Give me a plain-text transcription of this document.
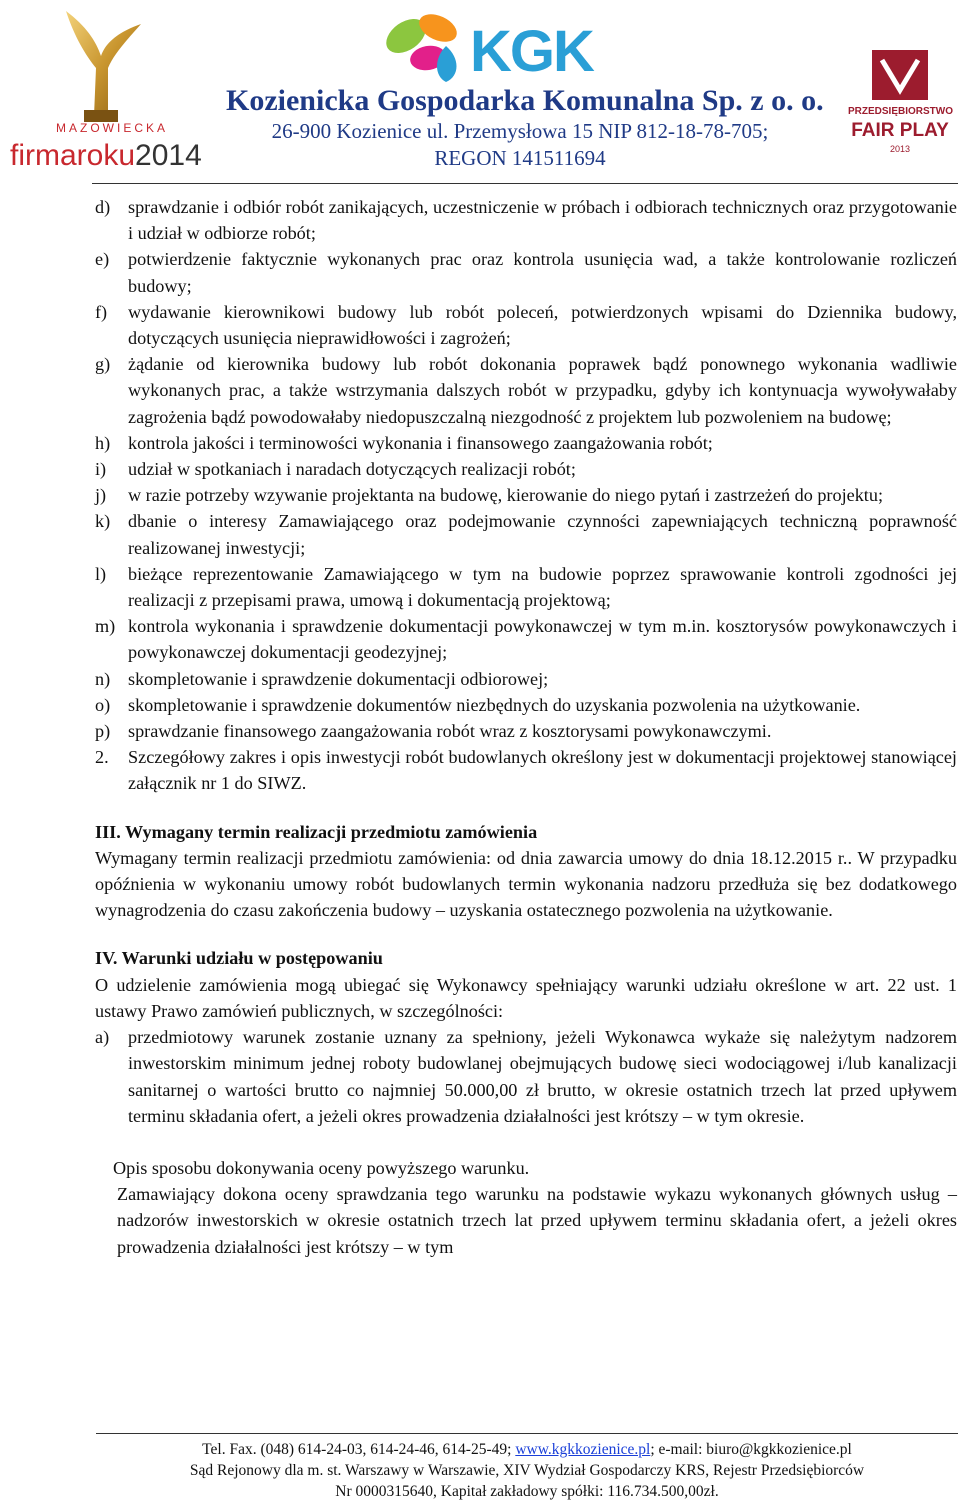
MAZOWIECKA
firmaroku2014
KGK
Kozienicka Gospodarka Komunalna Sp. z o. o.
26-900 Kozienice ul. Przemysłowa 15 NIP 812-18-78-705;
REGON 141511694
PRZEDSIĘBIORSTWO
FAIR PLAY
2013
d) sprawdzanie i odbiór robót zanikających, uczestniczenie w próbach i odbiorach technicznych oraz przygotowanie i udział w odbiorze robót;
e) potwierdzenie faktycznie wykonanych prac oraz kontrola usunięcia wad, a także kontrolowanie rozliczeń budowy;
f) wydawanie kierownikowi budowy lub robót poleceń, potwierdzonych wpisami do Dziennika budowy, dotyczących usunięcia nieprawidłowości i zagrożeń;
g) żądanie od kierownika budowy lub robót dokonania poprawek bądź ponownego wykonania wadliwie wykonanych prac, a także wstrzymania dalszych robót w przypadku, gdyby ich kontynuacja wywoływałaby zagrożenia bądź powodowałaby niedopuszczalną niezgodność z projektem lub pozwoleniem na budowę;
h) kontrola jakości i terminowości wykonania i finansowego zaangażowania robót;
i) udział w spotkaniach i naradach dotyczących realizacji robót;
j) w razie potrzeby wzywanie projektanta na budowę, kierowanie do niego pytań i zastrzeżeń do projektu;
k) dbanie o interesy Zamawiającego oraz podejmowanie czynności zapewniających techniczną poprawność realizowanej inwestycji;
l) bieżące reprezentowanie Zamawiającego w tym na budowie poprzez sprawowanie kontroli zgodności jej realizacji z przepisami prawa, umową i dokumentacją projektową;
m) kontrola wykonania i sprawdzenie dokumentacji powykonawczej w tym m.in. kosztorysów powykonawczych i powykonawczej dokumentacji geodezyjnej;
n) skompletowanie i sprawdzenie dokumentacji odbiorowej;
o) skompletowanie i sprawdzenie dokumentów niezbędnych do uzyskania pozwolenia na użytkowanie.
p) sprawdzanie finansowego zaangażowania robót wraz z kosztorysami powykonawczymi.
2. Szczegółowy zakres i opis inwestycji robót budowlanych określony jest w dokumentacji projektowej stanowiącej załącznik nr 1 do SIWZ.
III. Wymagany termin realizacji przedmiotu zamówienia
Wymagany termin realizacji przedmiotu zamówienia: od dnia zawarcia umowy do dnia 18.12.2015 r.. W przypadku opóźnienia w wykonaniu umowy robót budowlanych termin wykonania nadzoru przedłuża się bez dodatkowego wynagrodzenia do czasu zakończenia budowy – uzyskania ostatecznego pozwolenia na użytkowanie.
IV. Warunki udziału w postępowaniu
O udzielenie zamówienia mogą ubiegać się Wykonawcy spełniający warunki udziału określone w art. 22 ust. 1 ustawy Prawo zamówień publicznych, w szczególności:
a) przedmiotowy warunek zostanie uznany za spełniony, jeżeli Wykonawca wykaże się należytym nadzorem inwestorskim minimum jednej roboty budowlanej obejmujących budowę sieci wodociągowej i/lub kanalizacji sanitarnej o wartości brutto co najmniej 50.000,00 zł brutto, w okresie ostatnich trzech lat przed upływem terminu składania ofert, a jeżeli okres prowadzenia działalności jest krótszy – w tym okresie.
Opis sposobu dokonywania oceny powyższego warunku.
Zamawiający dokona oceny sprawdzania tego warunku na podstawie wykazu wykonanych głównych usług – nadzorów inwestorskich w okresie ostatnich trzech lat przed upływem terminu składania ofert, a jeżeli okres prowadzenia działalności jest krótszy – w tym
Tel. Fax. (048) 614-24-03, 614-24-46, 614-25-49; www.kgkkozienice.pl; e-mail: biuro@kgkkozienice.pl
Sąd Rejonowy dla m. st. Warszawy w Warszawie, XIV Wydział Gospodarczy KRS, Rejestr Przedsiębiorców
Nr 0000315640, Kapitał zakładowy spółki: 116.734.500,00zł.
